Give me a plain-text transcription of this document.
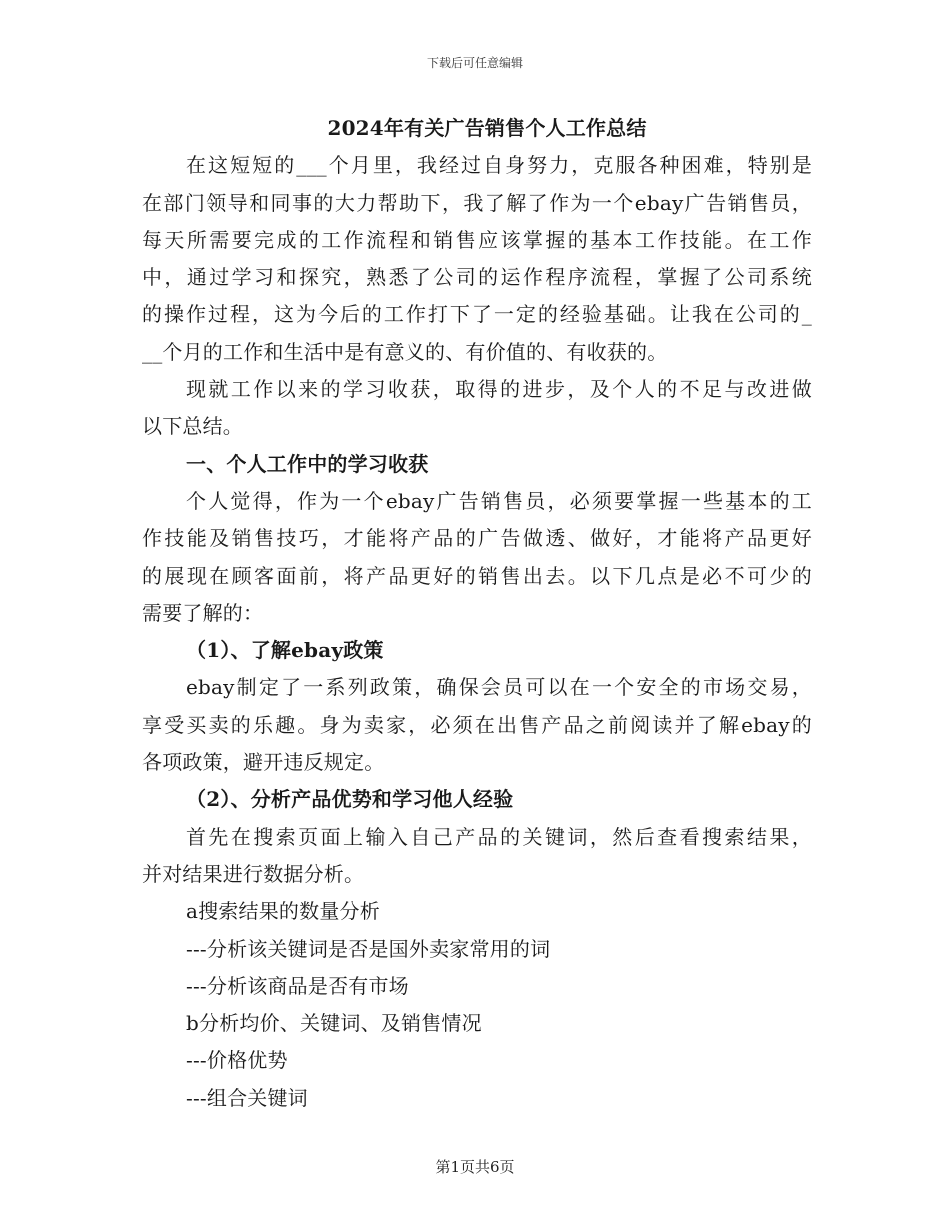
下载后可任意编辑
2024年有关广告销售个人工作总结
在这短短的___个月里，我经过自身努力，克服各种困难，特别是
在部门领导和同事的大力帮助下，我了解了作为一个ebay广告销售员，
每天所需要完成的工作流程和销售应该掌握的基本工作技能。在工作
中，通过学习和探究，熟悉了公司的运作程序流程，掌握了公司系统
的操作过程，这为今后的工作打下了一定的经验基础。让我在公司的_
__个月的工作和生活中是有意义的、有价值的、有收获的。
现就工作以来的学习收获，取得的进步，及个人的不足与改进做
以下总结。
一、个人工作中的学习收获
个人觉得，作为一个ebay广告销售员，必须要掌握一些基本的工
作技能及销售技巧，才能将产品的广告做透、做好，才能将产品更好
的展现在顾客面前，将产品更好的销售出去。以下几点是必不可少的
需要了解的：
（1）、了解ebay政策
ebay制定了一系列政策，确保会员可以在一个安全的市场交易，
享受买卖的乐趣。身为卖家，必须在出售产品之前阅读并了解ebay的
各项政策，避开违反规定。
（2）、分析产品优势和学习他人经验
首先在搜索页面上输入自己产品的关键词，然后查看搜索结果，
并对结果进行数据分析。
a搜索结果的数量分析
---分析该关键词是否是国外卖家常用的词
---分析该商品是否有市场
b分析均价、关键词、及销售情况
---价格优势
---组合关键词
第1页共6页
